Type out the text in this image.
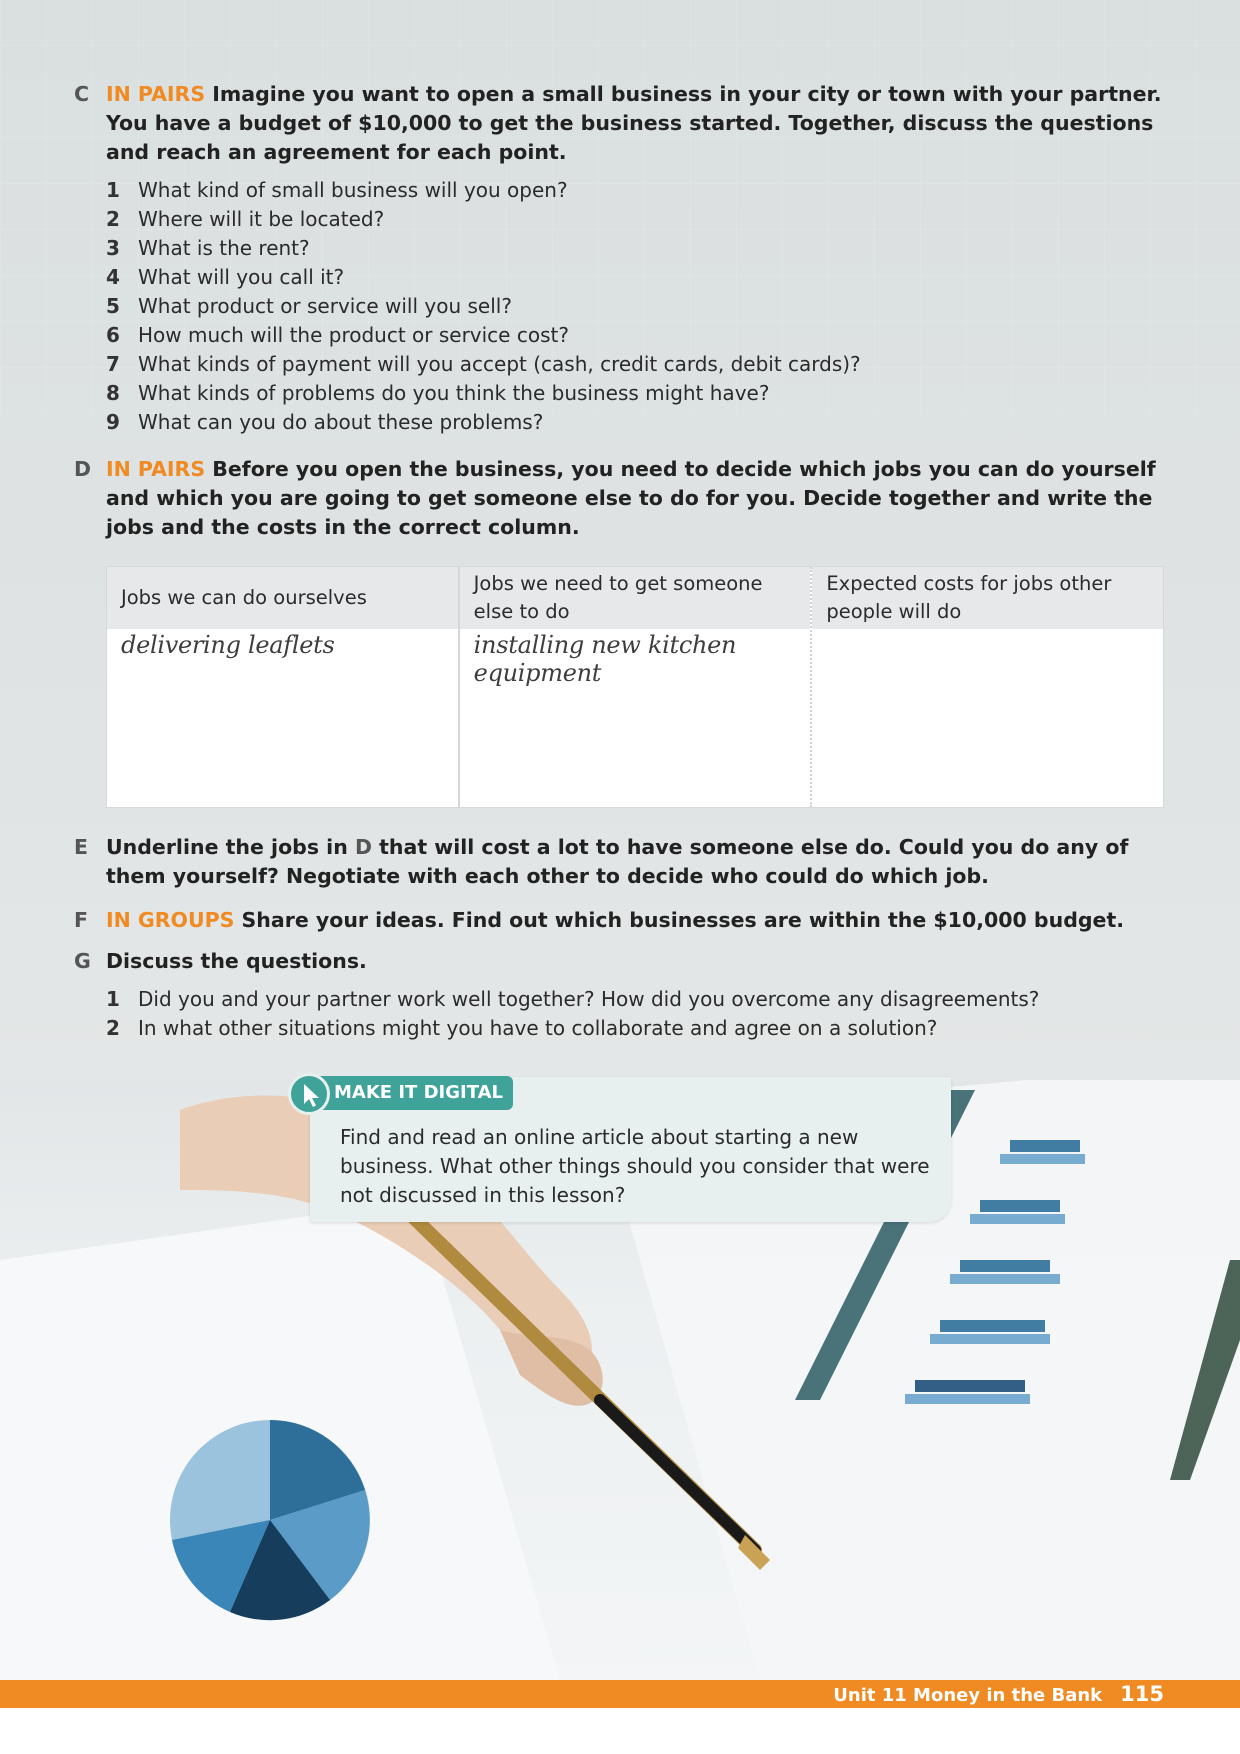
C IN PAIRS Imagine you want to open a small business in your city or town with your partner. You have a budget of $10,000 to get the business started. Together, discuss the questions and reach an agreement for each point.
1 What kind of small business will you open?
2 Where will it be located?
3 What is the rent?
4 What will you call it?
5 What product or service will you sell?
6 How much will the product or service cost?
7 What kinds of payment will you accept (cash, credit cards, debit cards)?
8 What kinds of problems do you think the business might have?
9 What can you do about these problems?
D IN PAIRS Before you open the business, you need to decide which jobs you can do yourself and which you are going to get someone else to do for you. Decide together and write the jobs and the costs in the correct column.
Jobs we can do ourselves
delivering leaflets
Jobs we need to get someone else to do
installing new kitchen equipment
Expected costs for jobs other people will do
E Underline the jobs in D that will cost a lot to have someone else do. Could you do any of them yourself? Negotiate with each other to decide who could do which job.
F IN GROUPS Share your ideas. Find out which businesses are within the $10,000 budget.
G Discuss the questions.
1 Did you and your partner work well together? How did you overcome any disagreements?
2 In what other situations might you have to collaborate and agree on a solution?
MAKE IT DIGITAL
Find and read an online article about starting a new business. What other things should you consider that were not discussed in this lesson?
Unit 11 Money in the Bank 115
